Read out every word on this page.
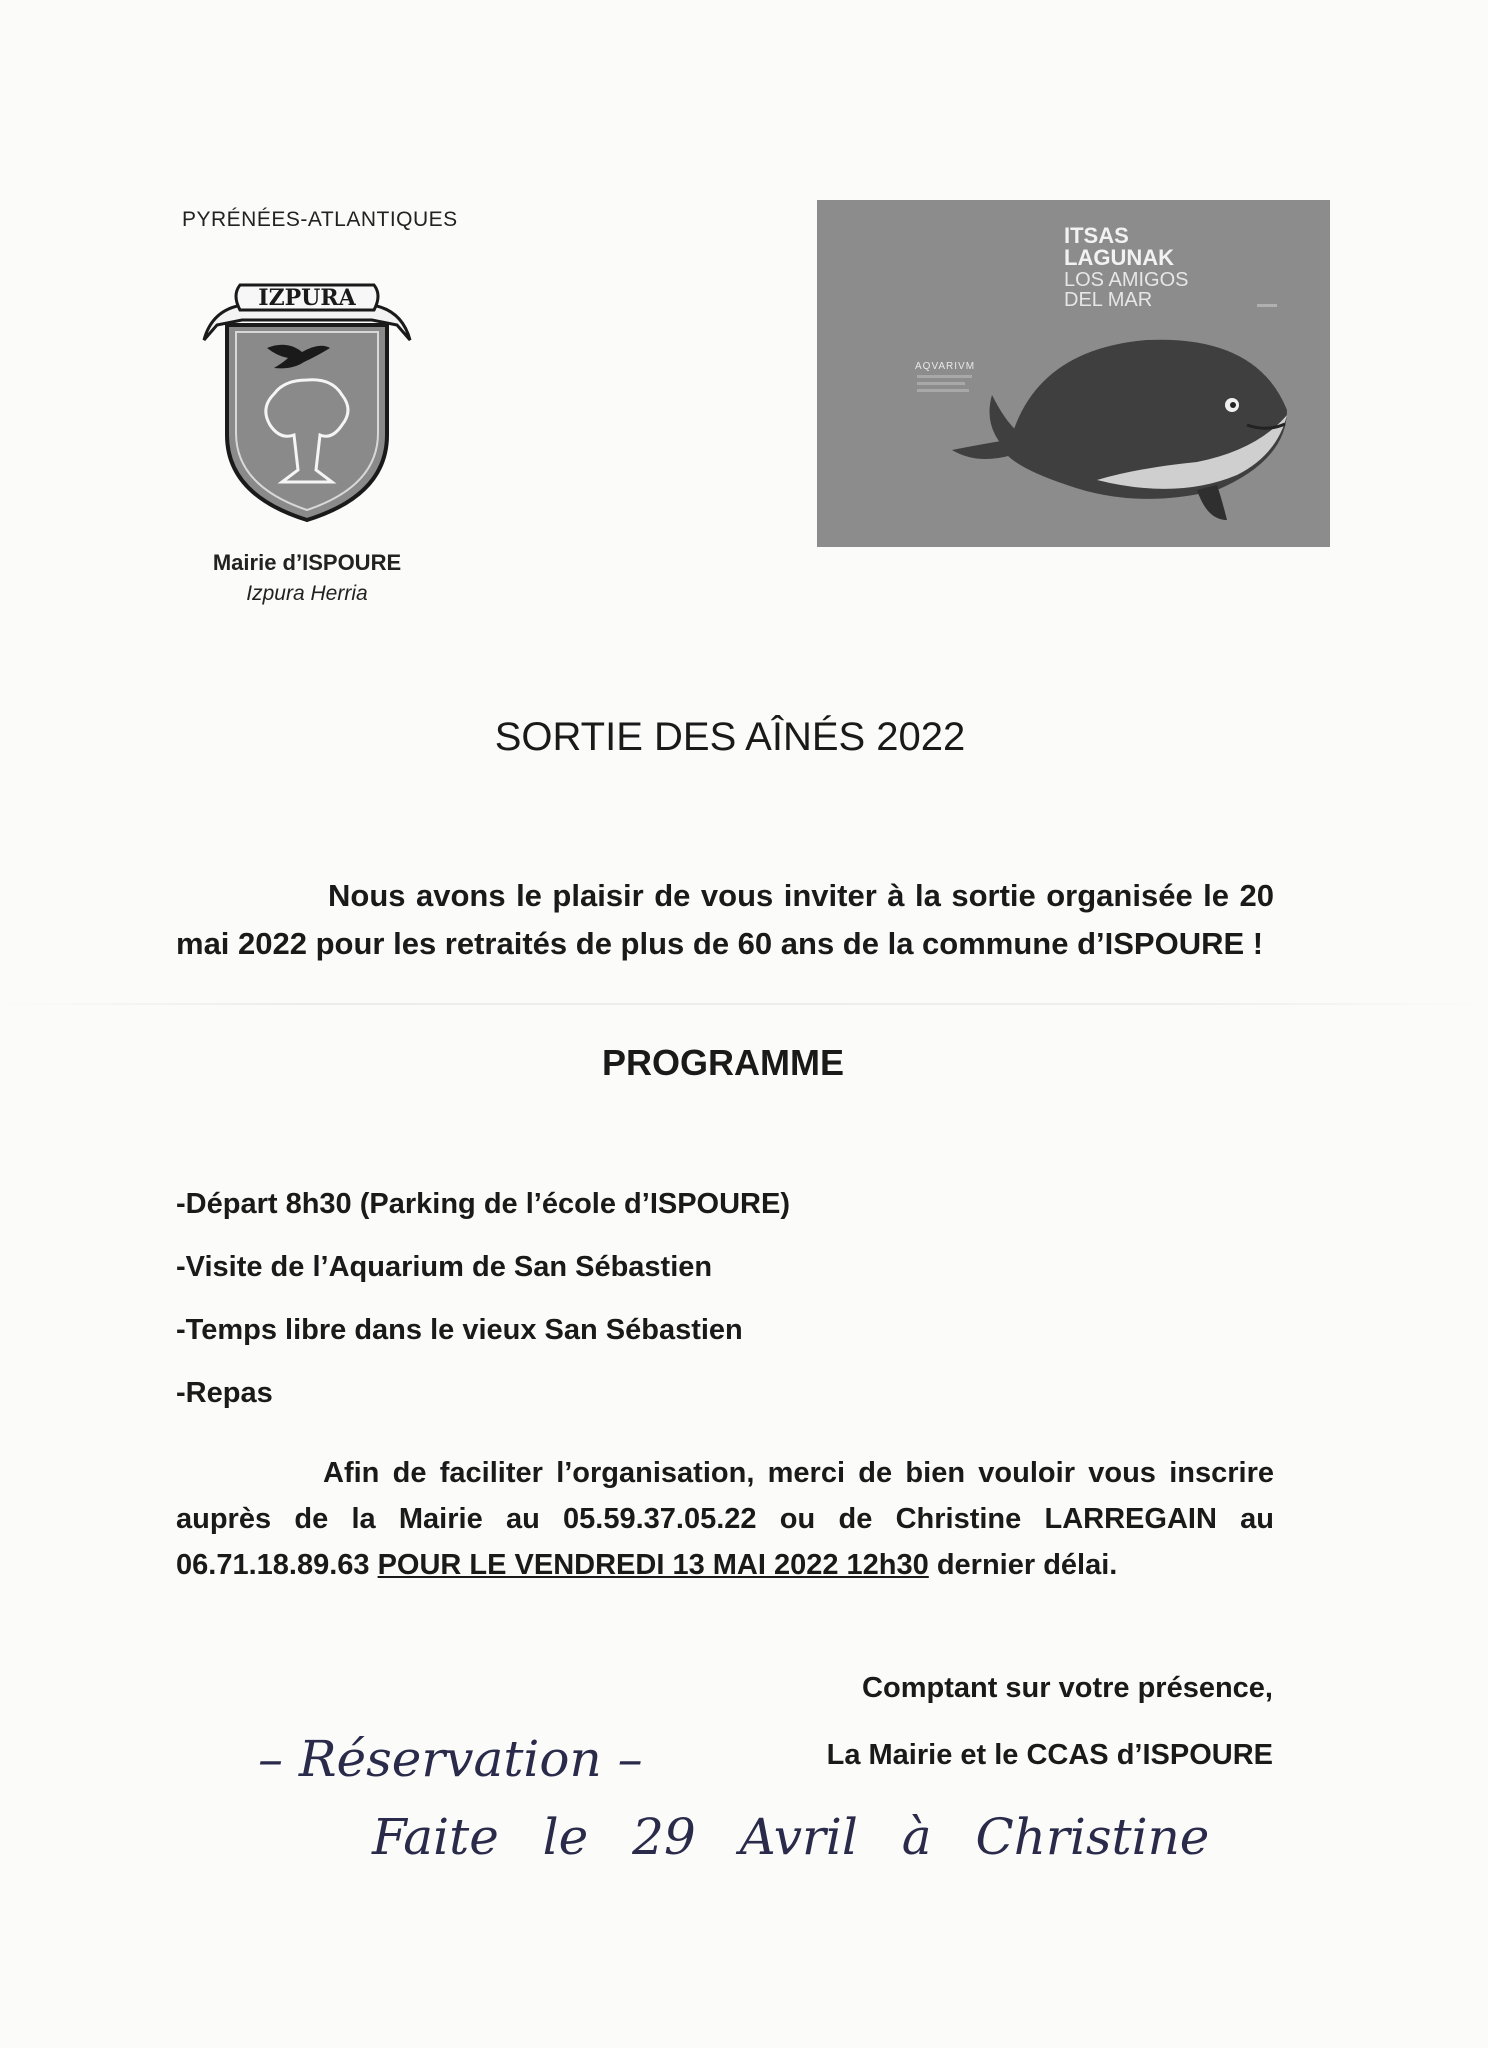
PYRÉNÉES-ATLANTIQUES
IZPURA
Mairie d’ISPOURE
Izpura Herria
ITSAS
LAGUNAK
LOS AMIGOS
DEL MAR
AQVARIVM
SORTIE DES AÎNÉS 2022
Nous avons le plaisir de vous inviter à la sortie organisée le 20 mai 2022 pour les retraités de plus de 60 ans de la commune d’ISPOURE !
PROGRAMME
-Départ 8h30 (Parking de l’école d’ISPOURE)
-Visite de l’Aquarium de San Sébastien
-Temps libre dans le vieux San Sébastien
-Repas
Afin de faciliter l’organisation, merci de bien vouloir vous inscrire auprès de la Mairie au 05.59.37.05.22 ou de Christine LARREGAIN au 06.71.18.89.63 POUR LE VENDREDI 13 MAI 2022 12h30 dernier délai.
Comptant sur votre présence,
La Mairie et le CCAS d’ISPOURE
– Réservation –
Faite le 29 Avril à Christine
